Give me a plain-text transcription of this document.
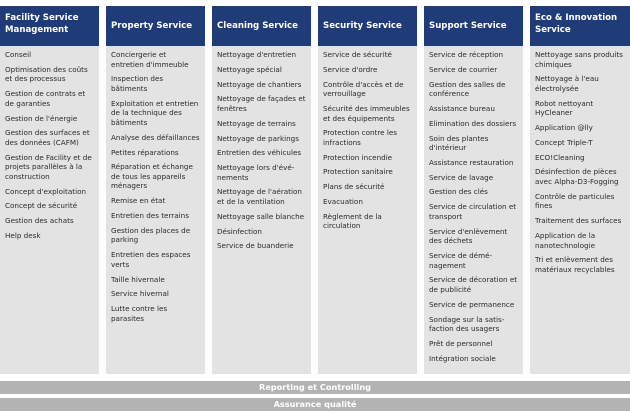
Facility Service Management
Conseil
Optimisation des coûts et des processus
Gestion de contrats et de garanties
Gestion de l'énergie
Gestion des surfaces et des données (CAFM)
Gestion de Facility et de projets parallèles à la construction
Concept d'exploitation
Concept de sécurité
Gestion des achats
Help desk
Property Service
Conciergerie et entretien d'immeuble
Inspection des bâtiments
Exploitation et entretien de la technique des bâtiments
Analyse des défaillances
Petites réparations
Réparation et échange de tous les appareils ménagers
Remise en état
Entretien des terrains
Gestion des places de parking
Entretien des espaces verts
Taille hivernale
Service hivernal
Lutte contre les parasites
Cleaning Service
Nettoyage d'entretien
Nettoyage spécial
Nettoyage de chantiers
Nettoyage de façades et fenêtres
Nettoyage de terrains
Nettoyage de parkings
Entretien des véhicules
Nettoyage lors d'événements
Nettoyage de l'aération et de la ventilation
Nettoyage salle blanche
Désinfection
Service de buanderie
Security Service
Service de sécurité
Service d'ordre
Contrôle d'accès et de verrouillage
Sécurité des immeubles et des équipements
Protection contre les infractions
Protection incendie
Protection sanitaire
Plans de sécurité
Evacuation
Règlement de la circulation
Support Service
Service de réception
Service de courrier
Gestion des salles de conférence
Assistance bureau
Elimination des dossiers
Soin des plantes d'intérieur
Assistance restauration
Service de lavage
Gestion des clés
Service de circulation et transport
Service d'enlèvement des déchets
Service de déménagement
Service de décoration et de publicité
Service de permanence
Sondage sur la satisfaction des usagers
Prêt de personnel
Intégration sociale
Eco & Innovation Service
Nettoyage sans produits chimiques
Nettoyage à l'eau électrolysée
Robot nettoyant HyCleaner
Application @lly
Concept Triple-T
ECO!Cleaning
Désinfection de pièces avec Alpha-D3-Fogging
Contrôle de particules fines
Traitement des surfaces
Application de la nanotechnologie
Tri et enlèvement des matériaux recyclables
Reporting et Controlling
Assurance qualité
